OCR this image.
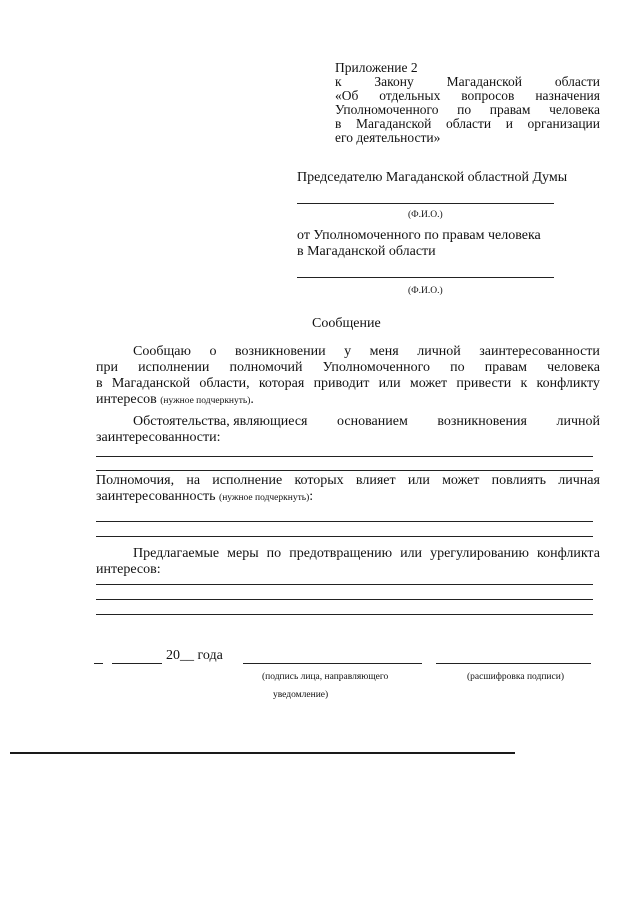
Приложение 2
к Закону Магаданской области
«Об отдельных вопросов назначения
Уполномоченного по правам человека
в Магаданской области и организации
его деятельности»
Председателю Магаданской областной Думы
(Ф.И.О.)
от Уполномоченного по правам человека
в Магаданской области
(Ф.И.О.)
Сообщение
Сообщаю о возникновении у меня личной заинтересованности
при исполнении полномочий Уполномоченного по правам человека
в Магаданской области, которая приводит или может привести к конфликту
интересов (нужное подчеркнуть).
Обстоятельства, являющиеся основанием возникновения личной
заинтересованности:
Полномочия, на исполнение которых влияет или может повлиять личная
заинтересованность (нужное подчеркнуть):
Предлагаемые меры по предотвращению или урегулированию конфликта
интересов:
20__ года
(подпись лица, направляющего
уведомление)
(расшифровка подписи)
